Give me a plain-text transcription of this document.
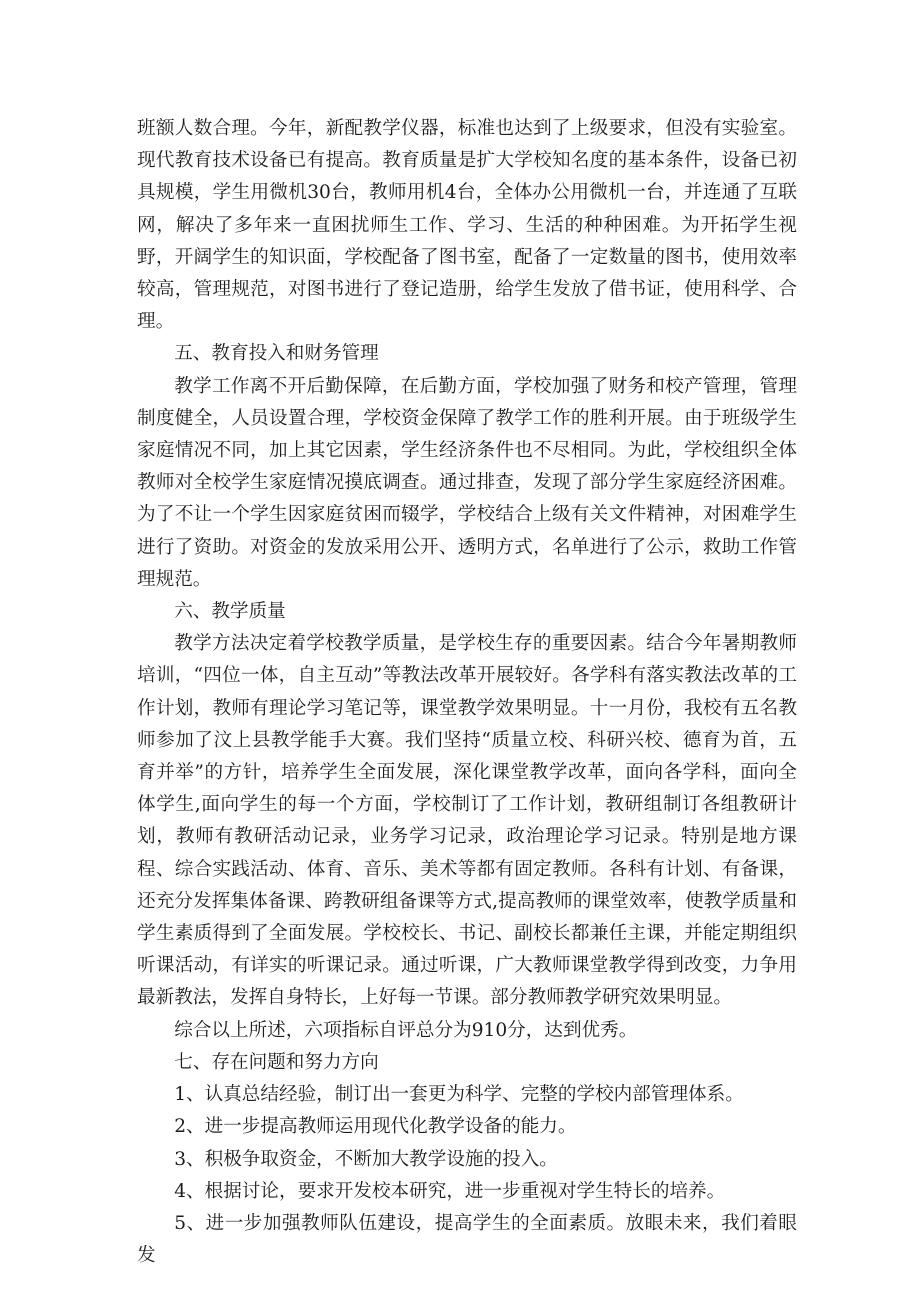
班额人数合理。今年，新配教学仪器，标准也达到了上级要求，但没有实验室。现代教育技术设备已有提高。教育质量是扩大学校知名度的基本条件，设备已初具规模，学生用微机30台，教师用机4台，全体办公用微机一台，并连通了互联网，解决了多年来一直困扰师生工作、学习、生活的种种困难。为开拓学生视野，开阔学生的知识面，学校配备了图书室，配备了一定数量的图书，使用效率较高，管理规范，对图书进行了登记造册，给学生发放了借书证，使用科学、合理。

五、教育投入和财务管理

教学工作离不开后勤保障，在后勤方面，学校加强了财务和校产管理，管理制度健全，人员设置合理，学校资金保障了教学工作的胜利开展。由于班级学生家庭情况不同，加上其它因素，学生经济条件也不尽相同。为此，学校组织全体教师对全校学生家庭情况摸底调查。通过排查，发现了部分学生家庭经济困难。为了不让一个学生因家庭贫困而辍学，学校结合上级有关文件精神，对困难学生进行了资助。对资金的发放采用公开、透明方式，名单进行了公示，救助工作管理规范。

六、教学质量

教学方法决定着学校教学质量，是学校生存的重要因素。结合今年暑期教师培训，“四位一体，自主互动”等教法改革开展较好。各学科有落实教法改革的工作计划，教师有理论学习笔记等，课堂教学效果明显。十一月份，我校有五名教师参加了汶上县教学能手大赛。我们坚持“质量立校、科研兴校、德育为首，五育并举”的方针，培养学生全面发展，深化课堂教学改革，面向各学科，面向全体学生,面向学生的每一个方面，学校制订了工作计划，教研组制订各组教研计划，教师有教研活动记录，业务学习记录，政治理论学习记录。特别是地方课程、综合实践活动、体育、音乐、美术等都有固定教师。各科有计划、有备课，还充分发挥集体备课、跨教研组备课等方式,提高教师的课堂效率，使教学质量和学生素质得到了全面发展。学校校长、书记、副校长都兼任主课，并能定期组织听课活动，有详实的听课记录。通过听课，广大教师课堂教学得到改变，力争用最新教法，发挥自身特长，上好每一节课。部分教师教学研究效果明显。

综合以上所述，六项指标自评总分为910分，达到优秀。

七、存在问题和努力方向

1、认真总结经验，制订出一套更为科学、完整的学校内部管理体系。

2、进一步提高教师运用现代化教学设备的能力。

3、积极争取资金，不断加大教学设施的投入。

4、根据讨论，要求开发校本研究，进一步重视对学生特长的培养。

5、进一步加强教师队伍建设，提高学生的全面素质。放眼未来，我们着眼发
